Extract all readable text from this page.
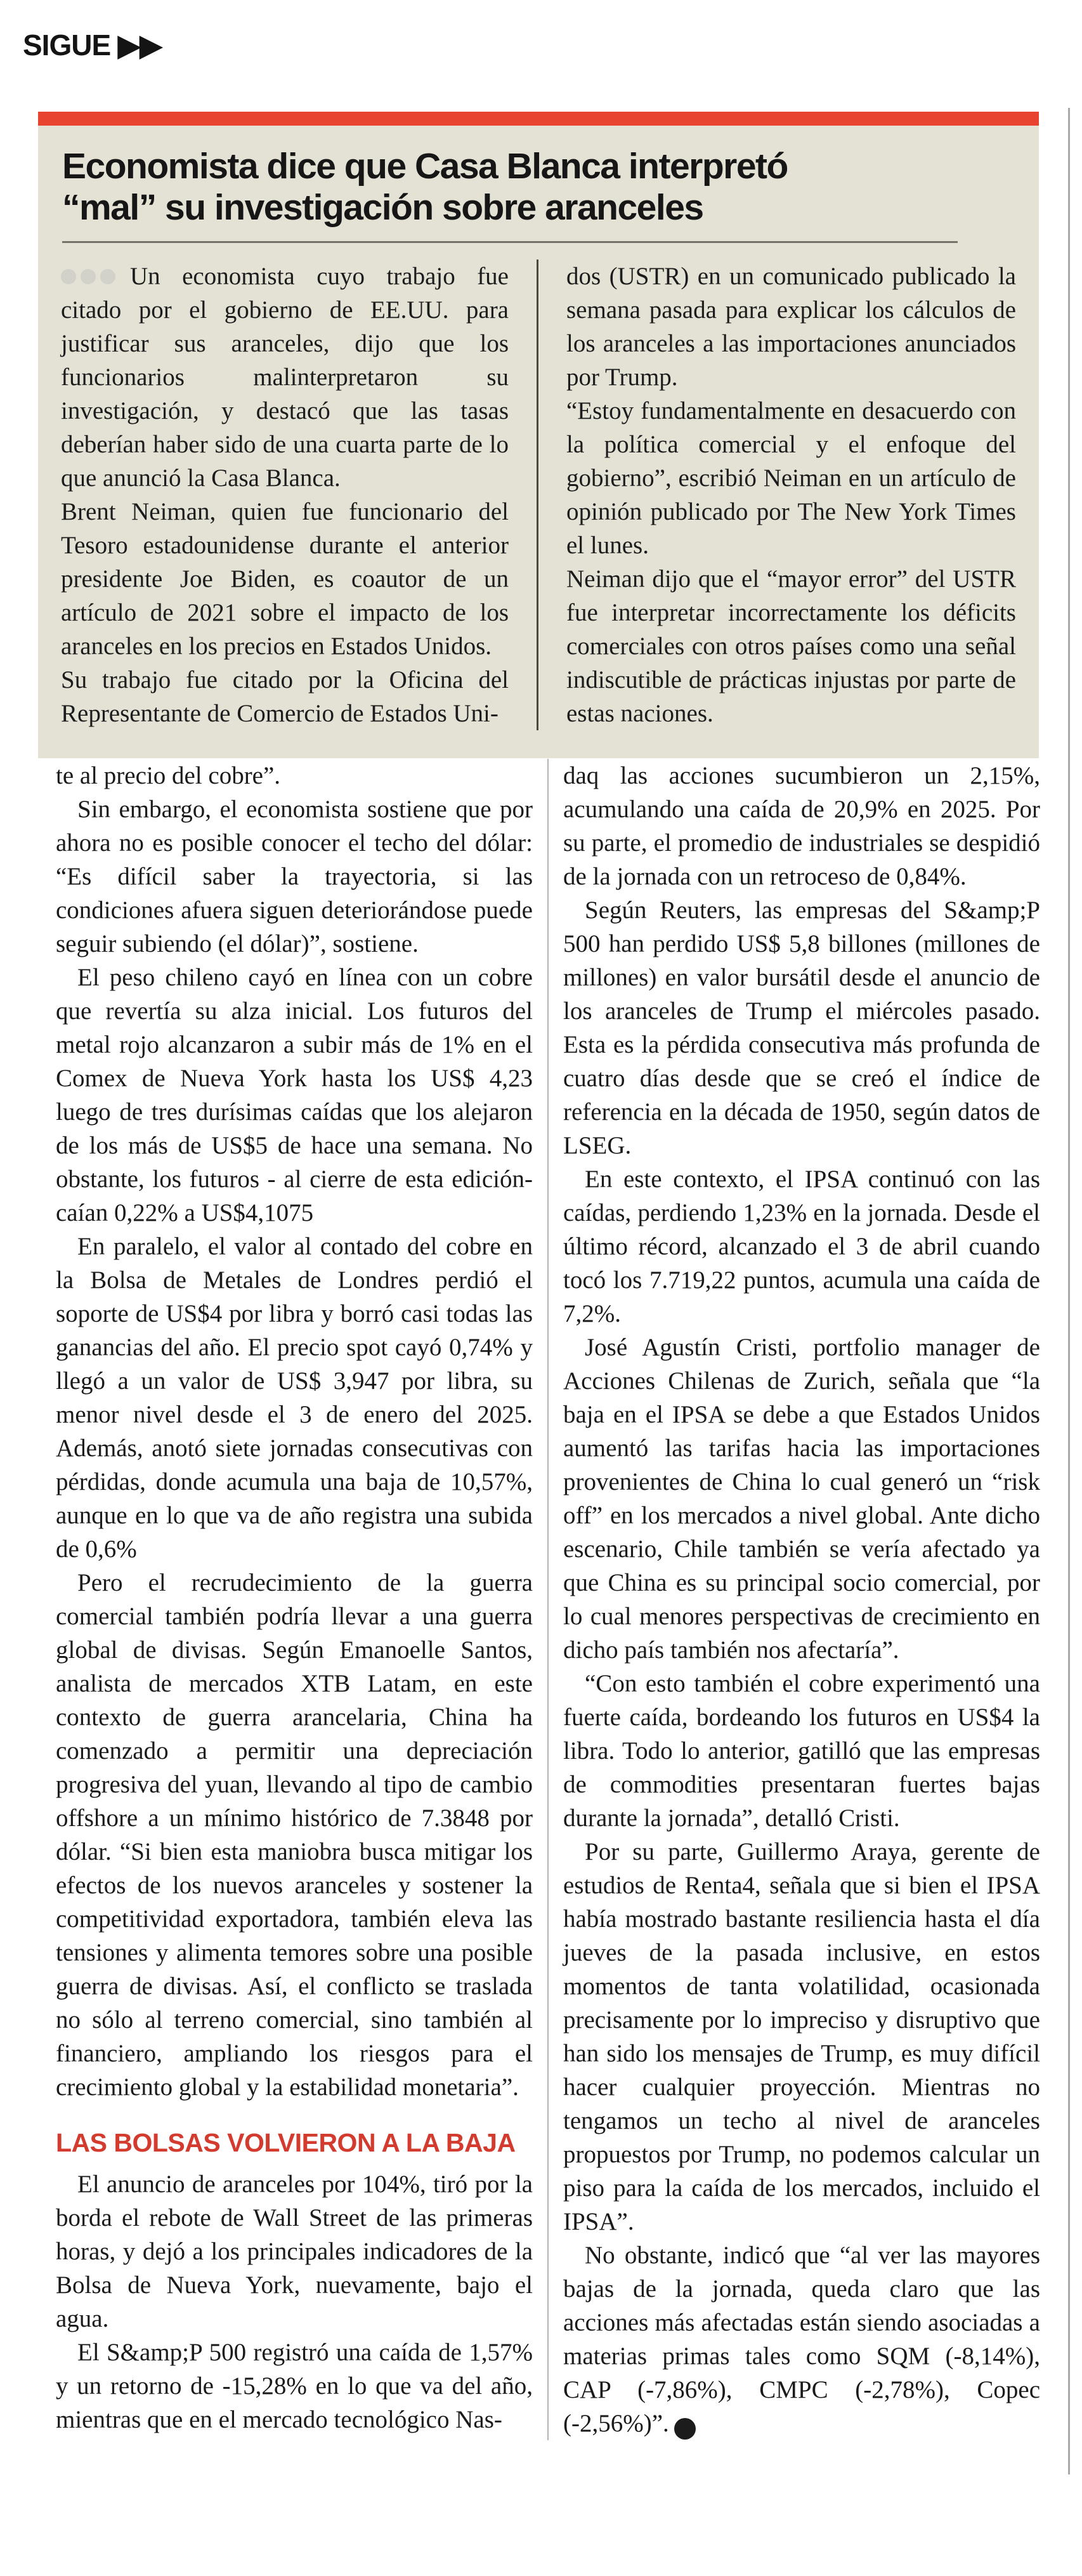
SIGUE ▶▶
Economista dice que Casa Blanca interpretó
“mal” su investigación sobre aranceles

Un economista cuyo trabajo fue citado por el gobierno de EE.UU. para justificar sus aranceles, dijo que los funcionarios malinterpretaron su investigación, y destacó que las tasas deberían haber sido de una cuarta parte de lo que anunció la Casa Blanca.

Brent Neiman, quien fue funcionario del Tesoro estadounidense durante el anterior presidente Joe Biden, es coautor de un artículo de 2021 sobre el impacto de los aranceles en los precios en Estados Unidos.

Su trabajo fue citado por la Oficina del Representante de Comercio de Estados Uni-

dos (USTR) en un comunicado publicado la semana pasada para explicar los cálculos de los aranceles a las importaciones anunciados por Trump.

“Estoy fundamentalmente en desacuerdo con la política comercial y el enfoque del gobierno”, escribió Neiman en un artículo de opinión publicado por The New York Times el lunes.

Neiman dijo que el “mayor error” del USTR fue interpretar incorrectamente los déficits comerciales con otros países como una señal indiscutible de prácticas injustas por parte de estas naciones.

te al precio del cobre”.

Sin embargo, el economista sostiene que por ahora no es posible conocer el techo del dólar: “Es difícil saber la trayectoria, si las condiciones afuera siguen deteriorándose puede seguir subiendo (el dólar)”, sostiene.

El peso chileno cayó en línea con un cobre que revertía su alza inicial. Los futuros del metal rojo alcanzaron a subir más de 1% en el Comex de Nueva York hasta los US$ 4,23 luego de tres durísimas caídas que los alejaron de los más de US$5 de hace una semana. No obstante, los futuros - al cierre de esta edición- caían 0,22% a US$4,1075

En paralelo, el valor al contado del cobre en la Bolsa de Metales de Londres perdió el soporte de US$4 por libra y borró casi todas las ganancias del año. El precio spot cayó 0,74% y llegó a un valor de US$ 3,947 por libra, su menor nivel desde el 3 de enero del 2025. Además, anotó siete jornadas consecutivas con pérdidas, donde acumula una baja de 10,57%, aunque en lo que va de año registra una subida de 0,6%

Pero el recrudecimiento de la guerra comercial también podría llevar a una guerra global de divisas. Según Emanoelle Santos, analista de mercados XTB Latam, en este contexto de guerra arancelaria, China ha comenzado a permitir una depreciación progresiva del yuan, llevando al tipo de cambio offshore a un mínimo histórico de 7.3848 por dólar. “Si bien esta maniobra busca mitigar los efectos de los nuevos aranceles y sostener la competitividad exportadora, también eleva las tensiones y alimenta temores sobre una posible guerra de divisas. Así, el conflicto se traslada no sólo al terreno comercial, sino también al financiero, ampliando los riesgos para el crecimiento global y la estabilidad monetaria”.

LAS BOLSAS VOLVIERON A LA BAJA

El anuncio de aranceles por 104%, tiró por la borda el rebote de Wall Street de las primeras horas, y dejó a los principales indicadores de la Bolsa de Nueva York, nuevamente, bajo el agua.

El S&amp;P 500 registró una caída de 1,57% y un retorno de -15,28% en lo que va del año, mientras que en el mercado tecnológico Nas-

daq las acciones sucumbieron un 2,15%, acumulando una caída de 20,9% en 2025. Por su parte, el promedio de industriales se despidió de la jornada con un retroceso de 0,84%.

Según Reuters, las empresas del S&amp;P 500 han perdido US$ 5,8 billones (millones de millones) en valor bursátil desde el anuncio de los aranceles de Trump el miércoles pasado. Esta es la pérdida consecutiva más profunda de cuatro días desde que se creó el índice de referencia en la década de 1950, según datos de LSEG.

En este contexto, el IPSA continuó con las caídas, perdiendo 1,23% en la jornada. Desde el último récord, alcanzado el 3 de abril cuando tocó los 7.719,22 puntos, acumula una caída de 7,2%.

José Agustín Cristi, portfolio manager de Acciones Chilenas de Zurich, señala que “la baja en el IPSA se debe a que Estados Unidos aumentó las tarifas hacia las importaciones provenientes de China lo cual generó un “risk off” en los mercados a nivel global. Ante dicho escenario, Chile también se vería afectado ya que China es su principal socio comercial, por lo cual menores perspectivas de crecimiento en dicho país también nos afectaría”.

“Con esto también el cobre experimentó una fuerte caída, bordeando los futuros en US$4 la libra. Todo lo anterior, gatilló que las empresas de commodities presentaran fuertes bajas durante la jornada”, detalló Cristi.

Por su parte, Guillermo Araya, gerente de estudios de Renta4, señala que si bien el IPSA había mostrado bastante resiliencia hasta el día jueves de la pasada inclusive, en estos momentos de tanta volatilidad, ocasionada precisamente por lo impreciso y disruptivo que han sido los mensajes de Trump, es muy difícil hacer cualquier proyección. Mientras no tengamos un techo al nivel de aranceles propuestos por Trump, no podemos calcular un piso para la caída de los mercados, incluido el IPSA”.

No obstante, indicó que “al ver las mayores bajas de la jornada, queda claro que las acciones más afectadas están siendo asociadas a materias primas tales como SQM (-8,14%), CAP (-7,86%), CMPC (-2,78%), Copec (-2,56%)”. P
